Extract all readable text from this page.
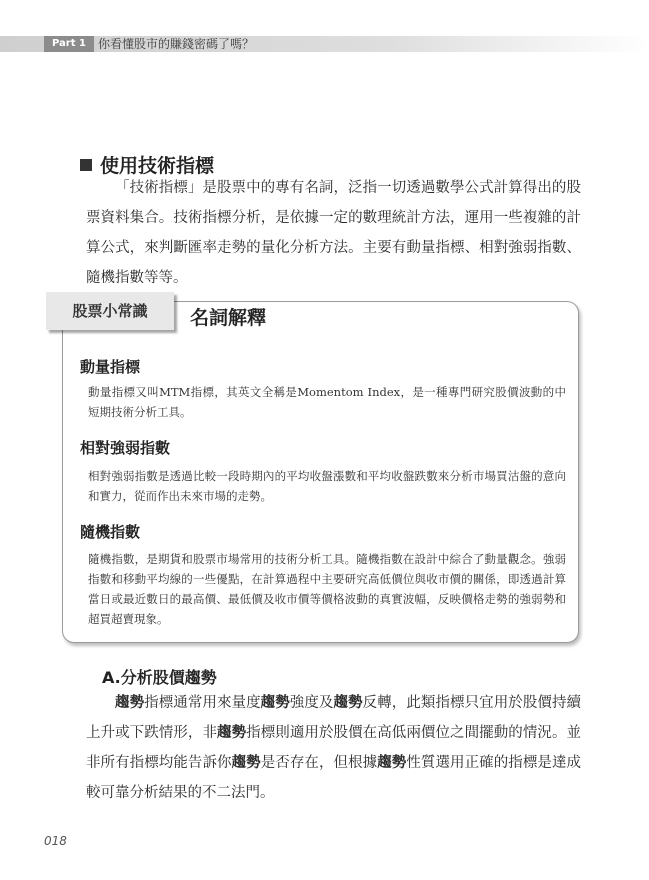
Part 1	你看懂股市的賺錢密碼了嗎？
使用技術指標
「技術指標」是股票中的專有名詞，泛指一切透過數學公式計算得出的股票資料集合。技術指標分析，是依據一定的數理統計方法，運用一些複雜的計算公式，來判斷匯率走勢的量化分析方法。主要有動量指標、相對強弱指數、隨機指數等等。
股票小常識	名詞解釋
動量指標
動量指標又叫MTM指標，其英文全稱是Momentom Index，是一種專門研究股價波動的中短期技術分析工具。
相對強弱指數
相對強弱指數是透過比較一段時期內的平均收盤漲數和平均收盤跌數來分析市場買沽盤的意向和實力，從而作出未來市場的走勢。
隨機指數
隨機指數，是期貨和股票市場常用的技術分析工具。隨機指數在設計中綜合了動量觀念。強弱指數和移動平均線的一些優點，在計算過程中主要研究高低價位與收市價的關係，即透過計算當日或最近數日的最高價、最低價及收市價等價格波動的真實波幅，反映價格走勢的強弱勢和超買超賣現象。
A.分析股價趨勢
趨勢指標通常用來量度趨勢強度及趨勢反轉，此類指標只宜用於股價持續上升或下跌情形，非趨勢指標則適用於股價在高低兩價位之間擺動的情況。並非所有指標均能告訴你趨勢是否存在，但根據趨勢性質選用正確的指標是達成較可靠分析結果的不二法門。
018
